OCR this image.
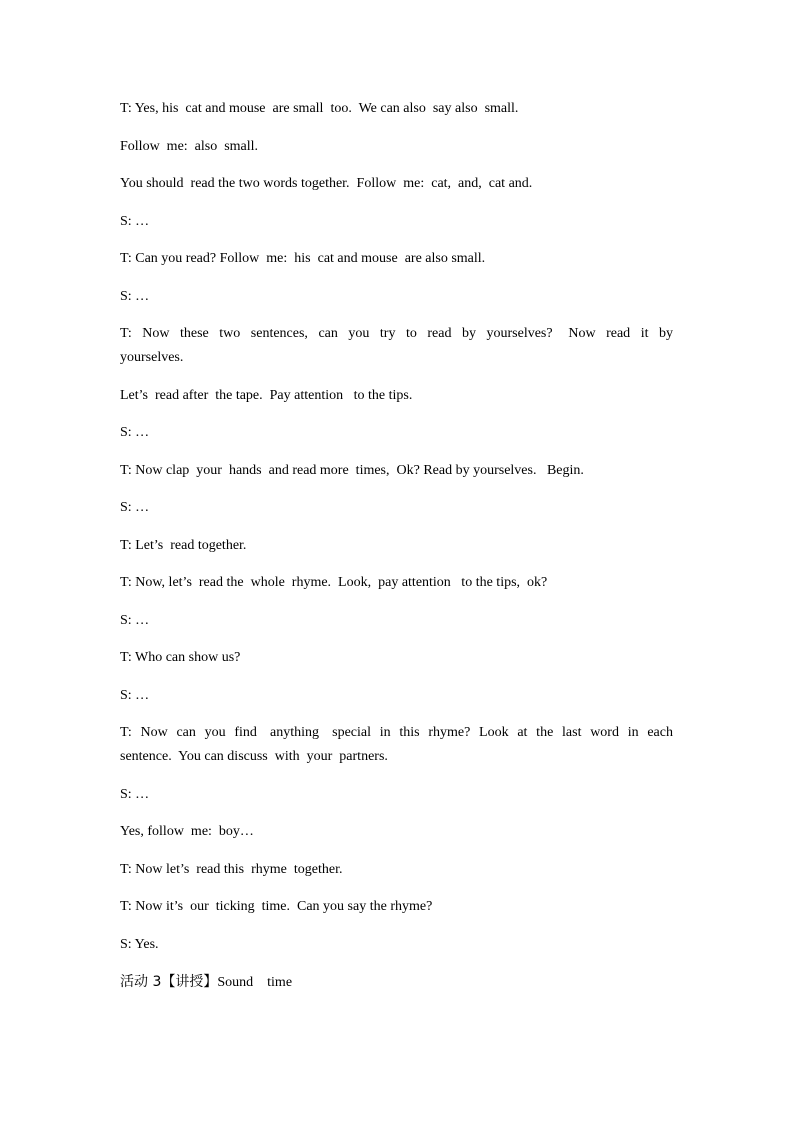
T: Yes, his  cat and mouse  are small  too.  We can also  say also  small.

Follow  me:  also  small.

You should  read the two words together.  Follow  me:  cat,  and,  cat and.

S: …

T: Can you read? Follow  me:  his  cat and mouse  are also small.

S: …

T:  Now  these  two  sentences,  can  you  try  to  read  by  yourselves?   Now  read  it  by yourselves.

Let’s  read after  the tape.  Pay attention   to the tips.

S: …

T: Now clap  your  hands  and read more  times,  Ok? Read by yourselves.   Begin.

S: …

T: Let’s  read together.

T: Now, let’s  read the  whole  rhyme.  Look,  pay attention   to the tips,  ok?

S: …

T: Who can show us?

S: …

T:  Now  can  you  find   anything   special  in  this  rhyme?  Look  at  the  last  word  in  each sentence.  You can discuss  with  your  partners.

S: …

Yes, follow  me:  boy…

T: Now let’s  read this  rhyme  together.

T: Now it’s  our  ticking  time.  Can you say the rhyme?

S: Yes.

活动 3【讲授】Sound    time
